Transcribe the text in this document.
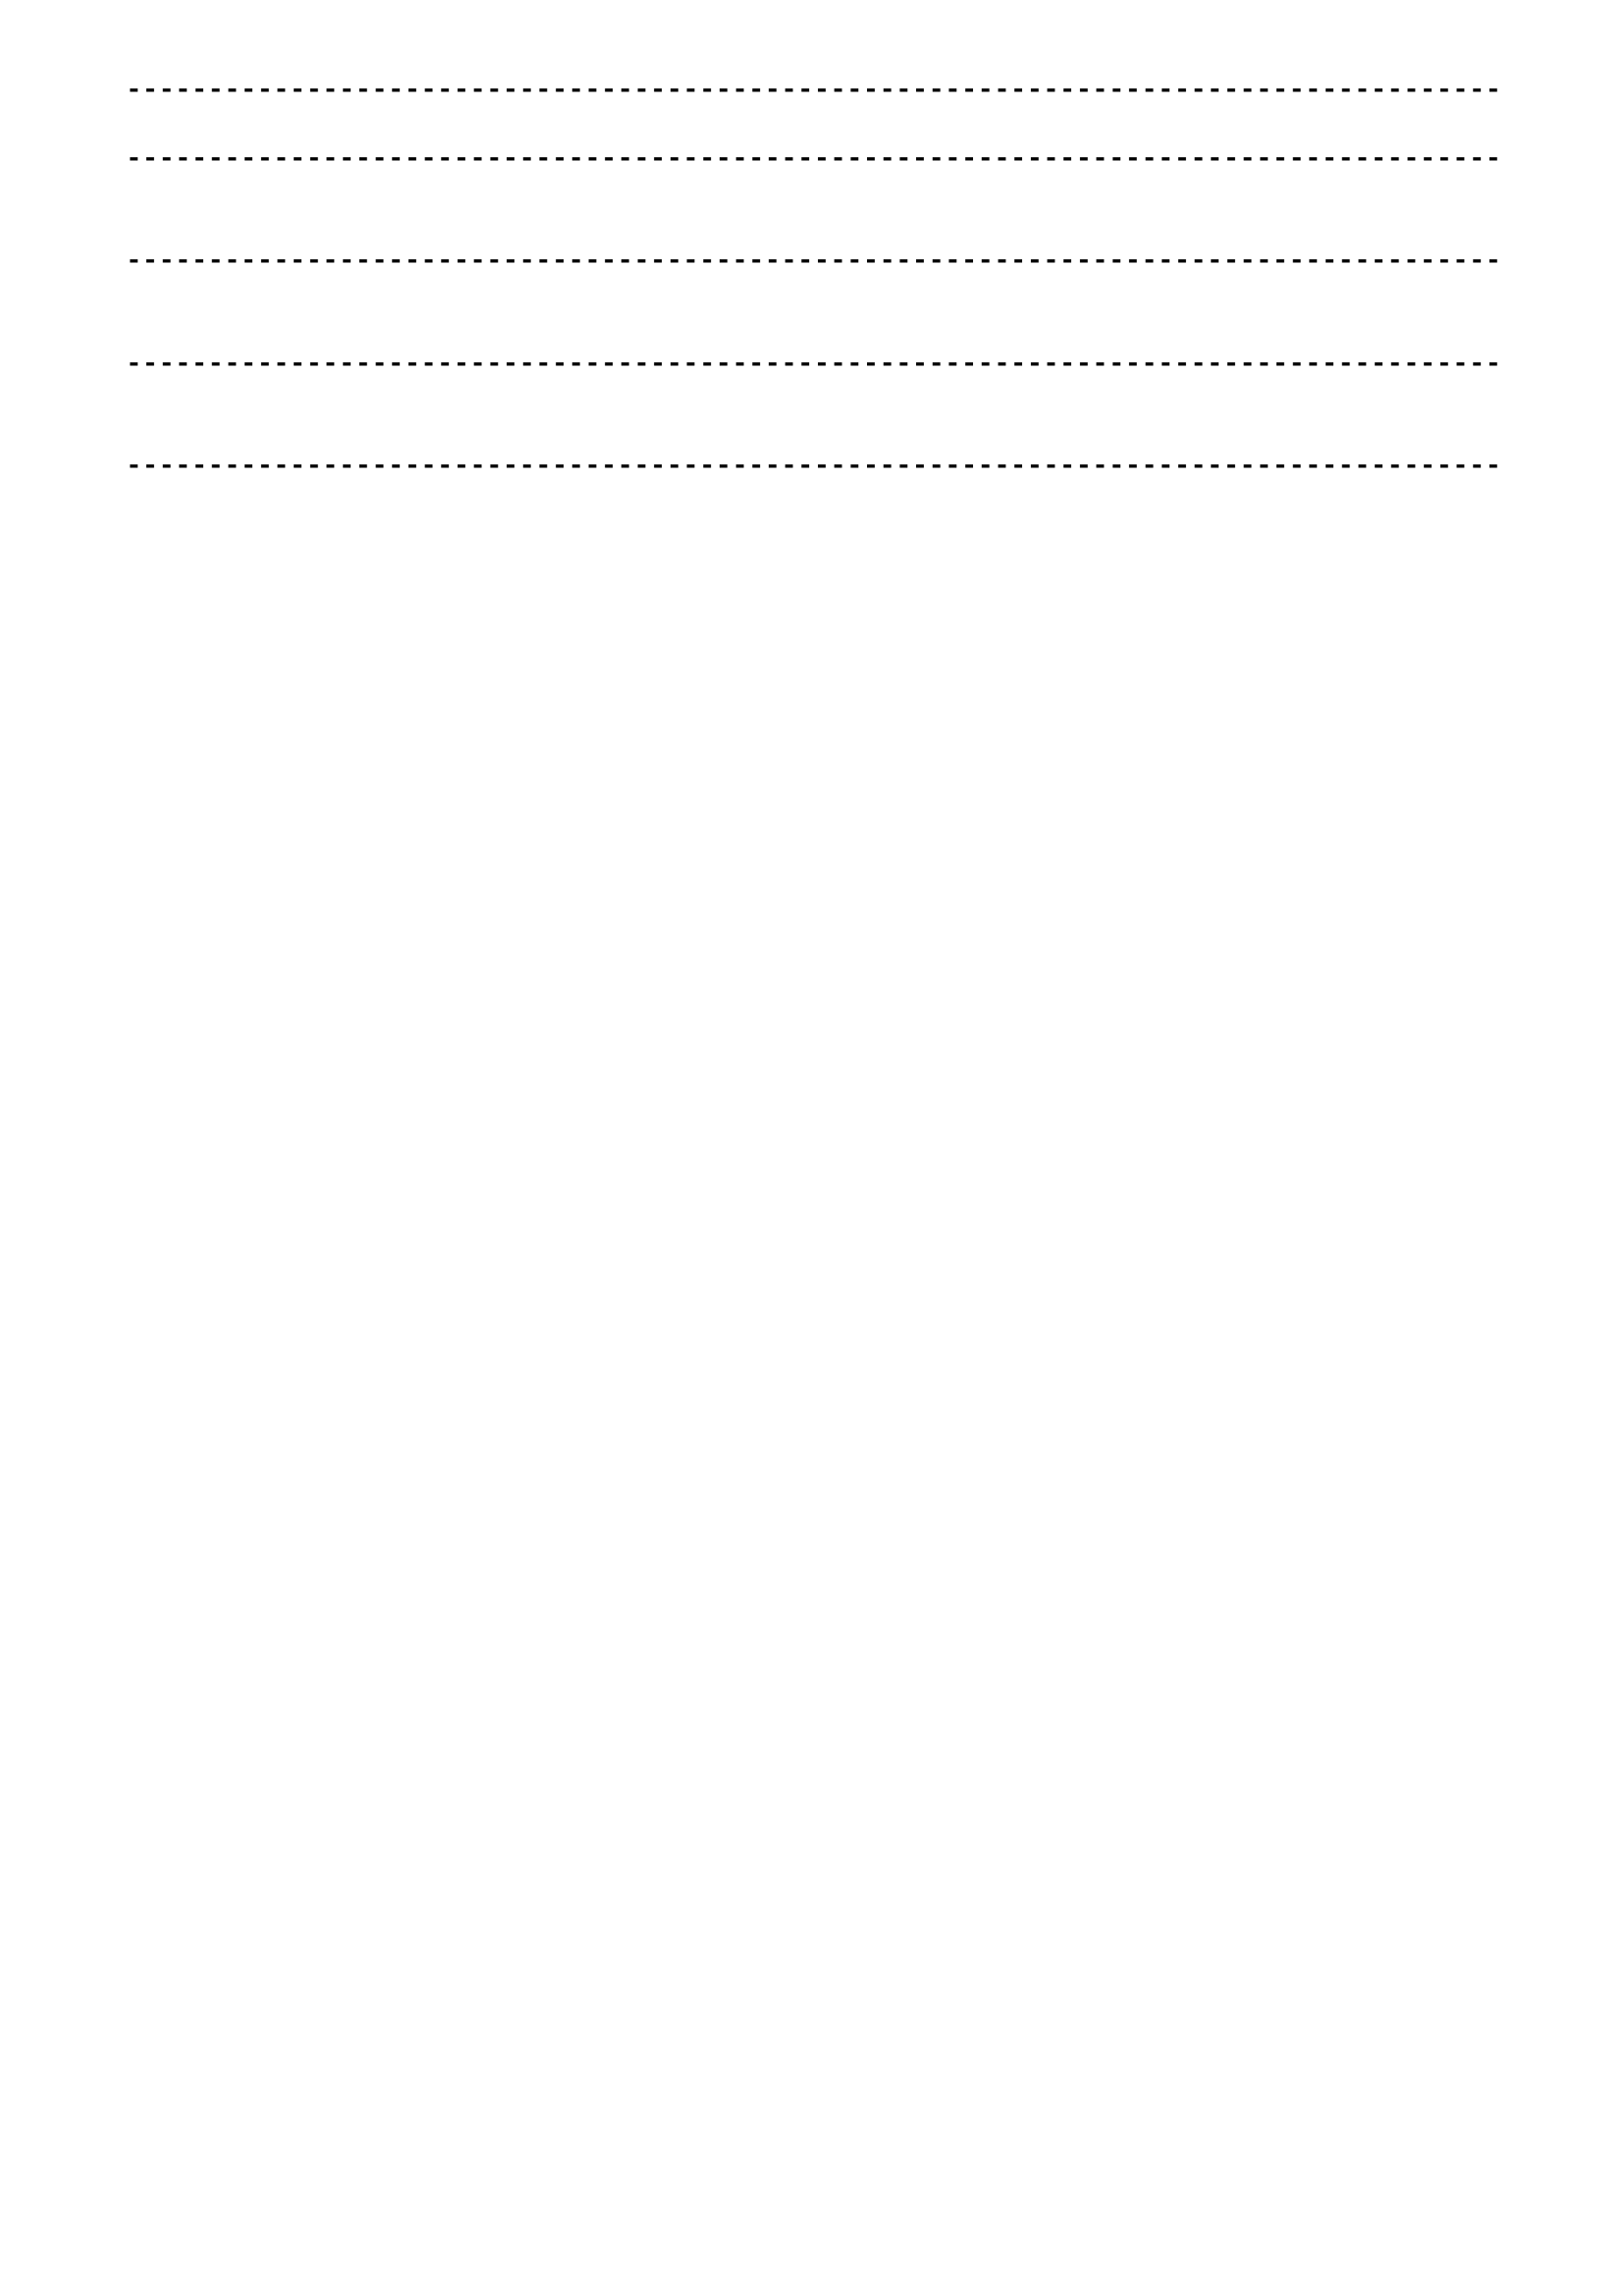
------------------------------------------------------------------------------------

------------------------------------------------------------------------------------
------------------------------------------------------------------------------------
------------------------------------------------------------------------------------
------------------------------------------------------------------------------------
